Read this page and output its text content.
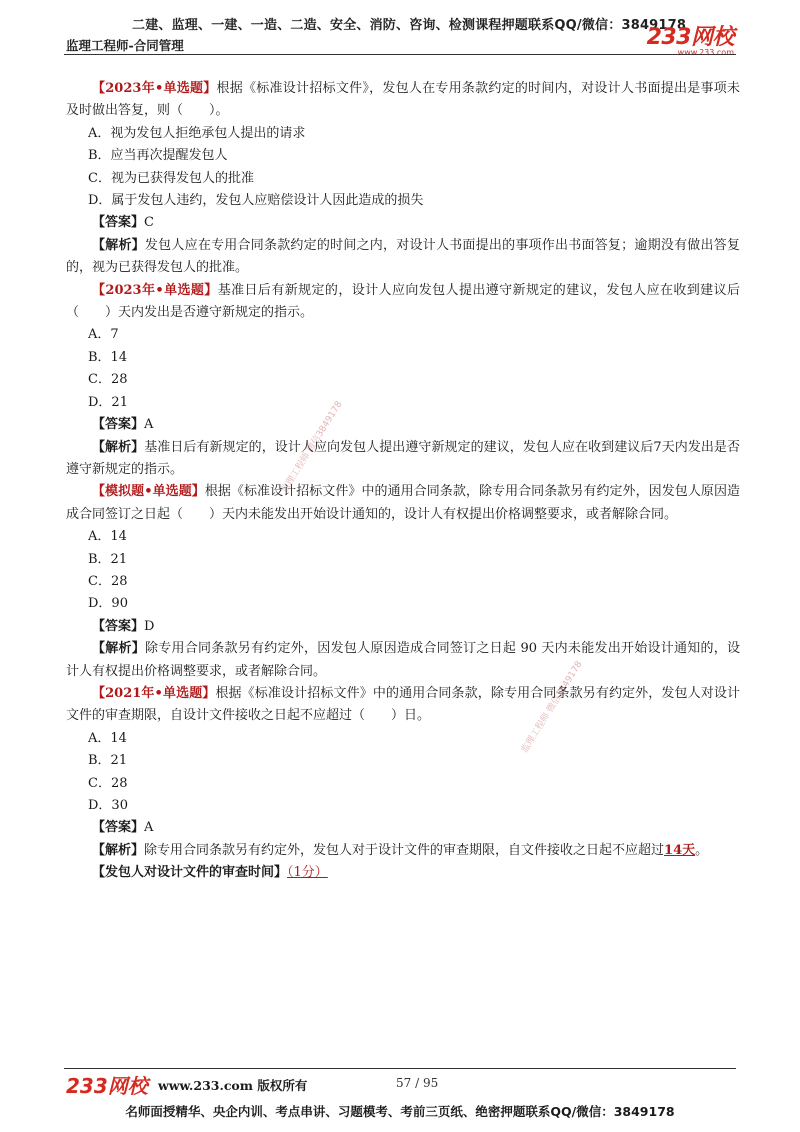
二建、监理、一建、一造、二造、安全、消防、咨询、检测课程押题联系QQ/微信：3849178
监理工程师-合同管理	233网校
www.233.com
监理工程师 微信3849178
监理工程师 微信3849178

【2023年•单选题】根据《标准设计招标文件》，发包人在专用条款约定的时间内，对设计人书面提出是事项未及时做出答复，则（　　）。

A．视为发包人拒绝承包人提出的请求

B．应当再次提醒发包人

C．视为已获得发包人的批准

D．属于发包人违约，发包人应赔偿设计人因此造成的损失

【答案】C

【解析】发包人应在专用合同条款约定的时间之内，对设计人书面提出的事项作出书面答复；逾期没有做出答复的，视为已获得发包人的批准。

【2023年•单选题】基准日后有新规定的，设计人应向发包人提出遵守新规定的建议，发包人应在收到建议后（　　）天内发出是否遵守新规定的指示。

A．7

B．14

C．28

D．21

【答案】A

【解析】基准日后有新规定的，设计人应向发包人提出遵守新规定的建议，发包人应在收到建议后7天内发出是否遵守新规定的指示。

【模拟题•单选题】根据《标准设计招标文件》中的通用合同条款，除专用合同条款另有约定外，因发包人原因造成合同签订之日起（　　）天内未能发出开始设计通知的，设计人有权提出价格调整要求，或者解除合同。

A．14

B．21

C．28

D．90

【答案】D

【解析】除专用合同条款另有约定外，因发包人原因造成合同签订之日起 90 天内未能发出开始设计通知的，设计人有权提出价格调整要求，或者解除合同。

【2021年•单选题】根据《标准设计招标文件》中的通用合同条款，除专用合同条款另有约定外，发包人对设计文件的审查期限，自设计文件接收之日起不应超过（　　）日。

A．14

B．21

C．28

D．30

【答案】A

【解析】除专用合同条款另有约定外，发包人对于设计文件的审查期限，自文件接收之日起不应超过14天。

【发包人对设计文件的审查时间】（1分）

233网校 www.233.com 版权所有	57 / 95
名师面授精华、央企内训、考点串讲、习题模考、考前三页纸、绝密押题联系QQ/微信：3849178
